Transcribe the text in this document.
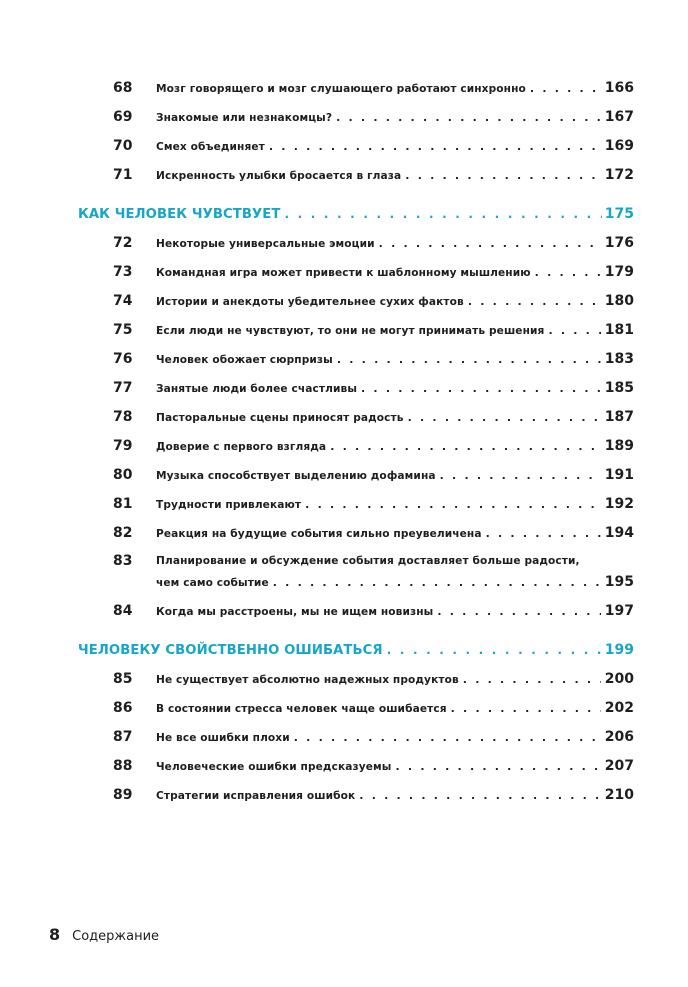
68	Мозг говорящего и мозг слушающего работают синхронно . . .	166
69	Знакомые или незнакомцы? . . .	167
70	Смех объединяет . . .	169
71	Искренность улыбки бросается в глаза . . .	172
КАК ЧЕЛОВЕК ЧУВСТВУЕТ . . .	175
72	Некоторые универсальные эмоции . . .	176
73	Командная игра может привести к шаблонному мышлению . . .	179
74	Истории и анекдоты убедительнее сухих фактов . . .	180
75	Если люди не чувствуют, то они не могут принимать решения . . .	181
76	Человек обожает сюрпризы . . .	183
77	Занятые люди более счастливы . . .	185
78	Пасторальные сцены приносят радость . . .	187
79	Доверие с первого взгляда . . .	189
80	Музыка способствует выделению дофамина . . .	191
81	Трудности привлекают . . .	192
82	Реакция на будущие события сильно преувеличена . . .	194
83	Планирование и обсуждение события доставляет больше радости,
чем само событие . . .	195
84	Когда мы расстроены, мы не ищем новизны . . .	197
ЧЕЛОВЕКУ СВОЙСТВЕННО ОШИБАТЬСЯ . . .	199
85	Не существует абсолютно надежных продуктов . . .	200
86	В состоянии стресса человек чаще ошибается . . .	202
87	Не все ошибки плохи . . .	206
88	Человеческие ошибки предсказуемы . . .	207
89	Стратегии исправления ошибок . . .	210
8 Содержание
